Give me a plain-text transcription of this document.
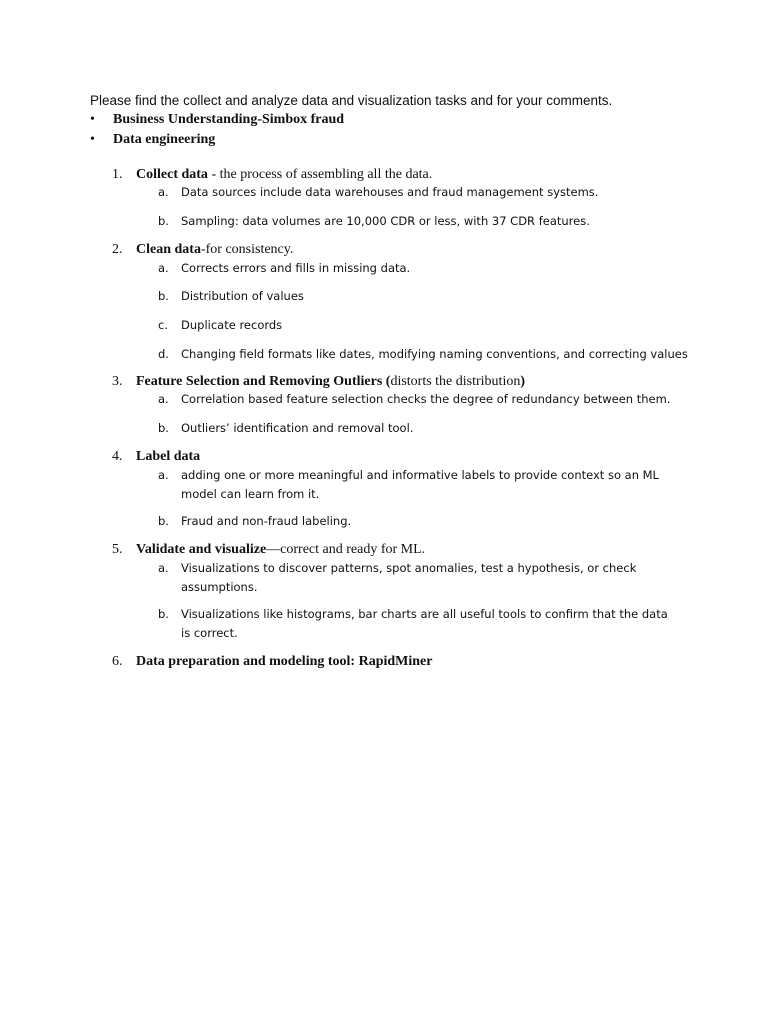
Please find the collect and analyze data and visualization tasks and for your comments.
•	Business Understanding-Simbox fraud
•	Data engineering
1. Collect data - the process of assembling all the data.
a.	Data sources include data warehouses and fraud management systems.
b.	Sampling: data volumes are 10,000 CDR or less, with 37 CDR features.
2. Clean data-for consistency.
a.	Corrects errors and fills in missing data.
b.	Distribution of values
c.	Duplicate records
d.	Changing field formats like dates, modifying naming conventions, and correcting values
3. Feature Selection and Removing Outliers (distorts the distribution)
a.	Correlation based feature selection checks the degree of redundancy between them.
b.	Outliers’ identification and removal tool.
4. Label data
a.	adding one or more meaningful and informative labels to provide context so an ML model can learn from it.
b.	Fraud and non-fraud labeling.
5. Validate and visualize—correct and ready for ML.
a.	Visualizations to discover patterns, spot anomalies, test a hypothesis, or check assumptions.
b.	Visualizations like histograms, bar charts are all useful tools to confirm that the data is correct.
6. Data preparation and modeling tool: RapidMiner
